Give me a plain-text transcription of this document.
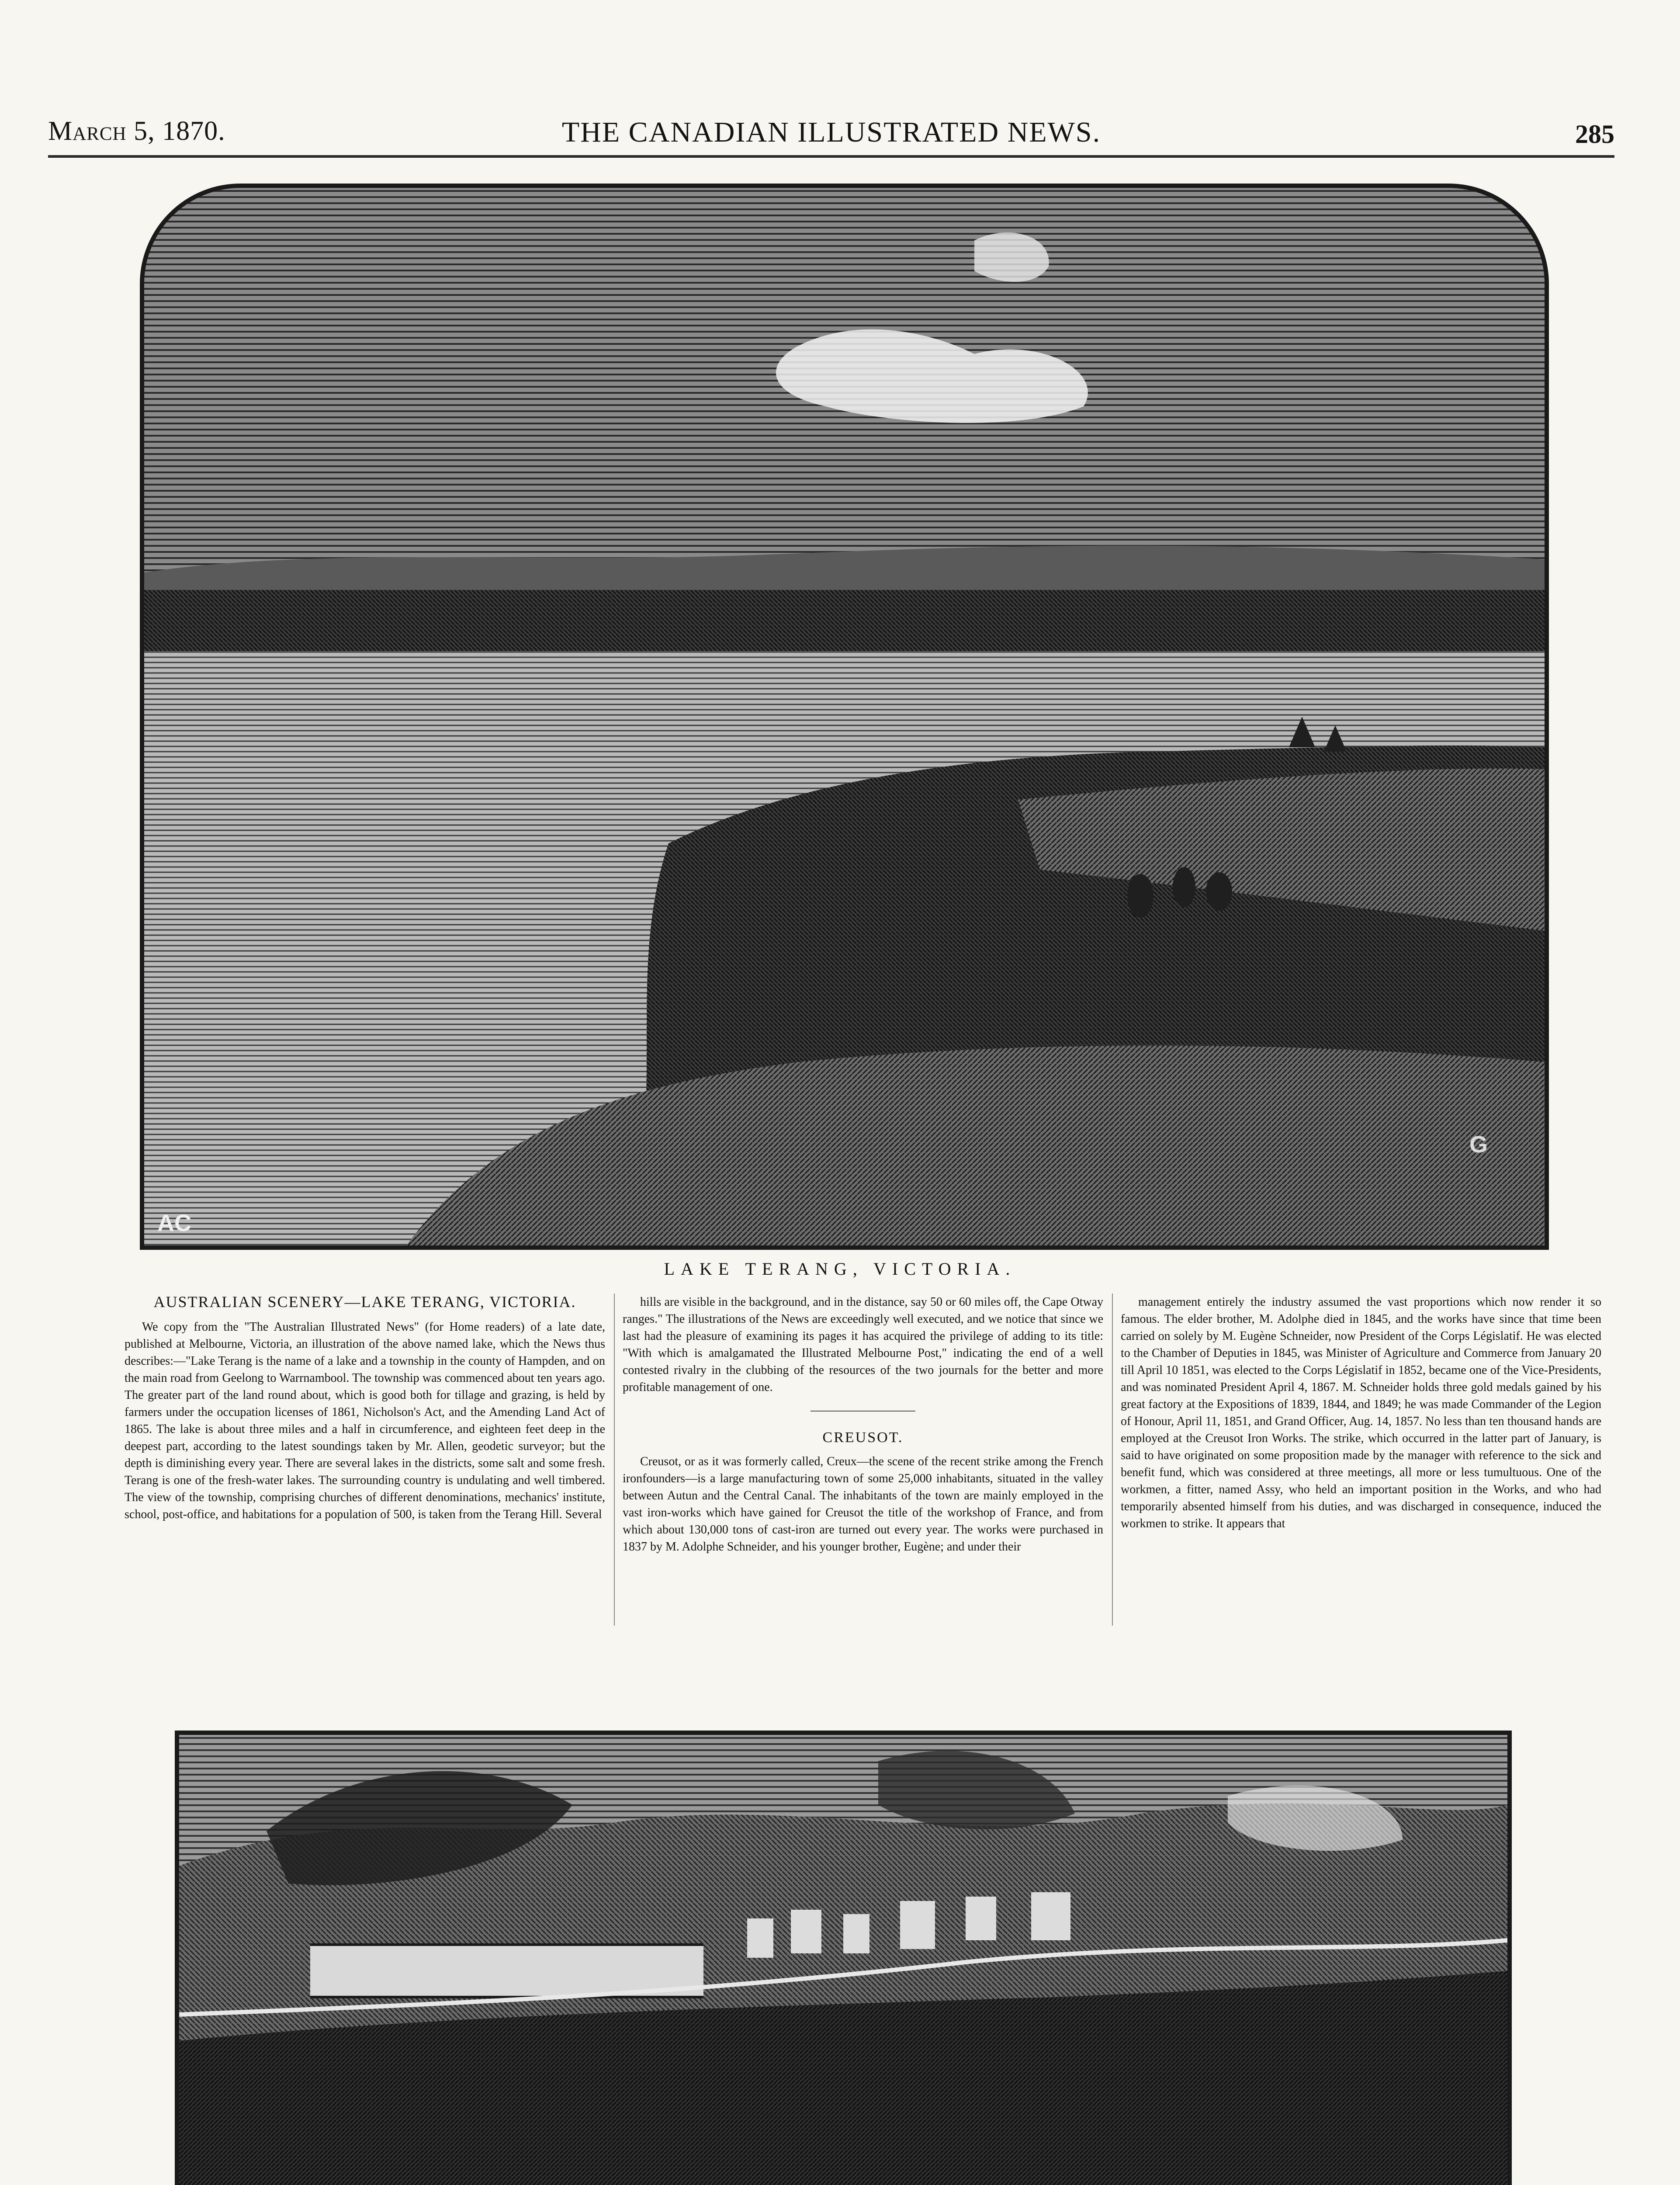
March 5, 1870.	THE CANADIAN ILLUSTRATED NEWS.	285
AC
G
LAKE TERANG, VICTORIA.
AUSTRALIAN SCENERY—LAKE TERANG, VICTORIA.

We copy from the "The Australian Illustrated News" (for Home readers) of a late date, published at Melbourne, Victoria, an illustration of the above named lake, which the News thus describes:—"Lake Terang is the name of a lake and a township in the county of Hampden, and on the main road from Geelong to Warrnambool. The township was commenced about ten years ago. The greater part of the land round about, which is good both for tillage and grazing, is held by farmers under the occupation licenses of 1861, Nicholson's Act, and the Amending Land Act of 1865. The lake is about three miles and a half in circumference, and eighteen feet deep in the deepest part, according to the latest soundings taken by Mr. Allen, geodetic surveyor; but the depth is diminishing every year. There are several lakes in the districts, some salt and some fresh. Terang is one of the fresh-water lakes. The surrounding country is undulating and well timbered. The view of the township, comprising churches of different denominations, mechanics' institute, school, post-office, and habitations for a population of 500, is taken from the Terang Hill. Several

hills are visible in the background, and in the distance, say 50 or 60 miles off, the Cape Otway ranges." The illustrations of the News are exceedingly well executed, and we notice that since we last had the pleasure of examining its pages it has acquired the privilege of adding to its title: "With which is amalgamated the Illustrated Melbourne Post," indicating the end of a well contested rivalry in the clubbing of the resources of the two journals for the better and more profitable management of one.

CREUSOT.

Creusot, or as it was formerly called, Creux—the scene of the recent strike among the French ironfounders—is a large manufacturing town of some 25,000 inhabitants, situated in the valley between Autun and the Central Canal. The inhabitants of the town are mainly employed in the vast iron-works which have gained for Creusot the title of the workshop of France, and from which about 130,000 tons of cast-iron are turned out every year. The works were purchased in 1837 by M. Adolphe Schneider, and his younger brother, Eugène; and under their

management entirely the industry assumed the vast proportions which now render it so famous. The elder brother, M. Adolphe died in 1845, and the works have since that time been carried on solely by M. Eugène Schneider, now President of the Corps Législatif. He was elected to the Chamber of Deputies in 1845, was Minister of Agriculture and Commerce from January 20 till April 10 1851, was elected to the Corps Législatif in 1852, became one of the Vice-Presidents, and was nominated President April 4, 1867. M. Schneider holds three gold medals gained by his great factory at the Expositions of 1839, 1844, and 1849; he was made Commander of the Legion of Honour, April 11, 1851, and Grand Officer, Aug. 14, 1857. No less than ten thousand hands are employed at the Creusot Iron Works. The strike, which occurred in the latter part of January, is said to have originated on some proposition made by the manager with reference to the sick and benefit fund, which was considered at three meetings, all more or less tumultuous. One of the workmen, a fitter, named Assy, who held an important position in the Works, and who had temporarily absented himself from his duties, and was discharged in consequence, induced the workmen to strike. It appears that
